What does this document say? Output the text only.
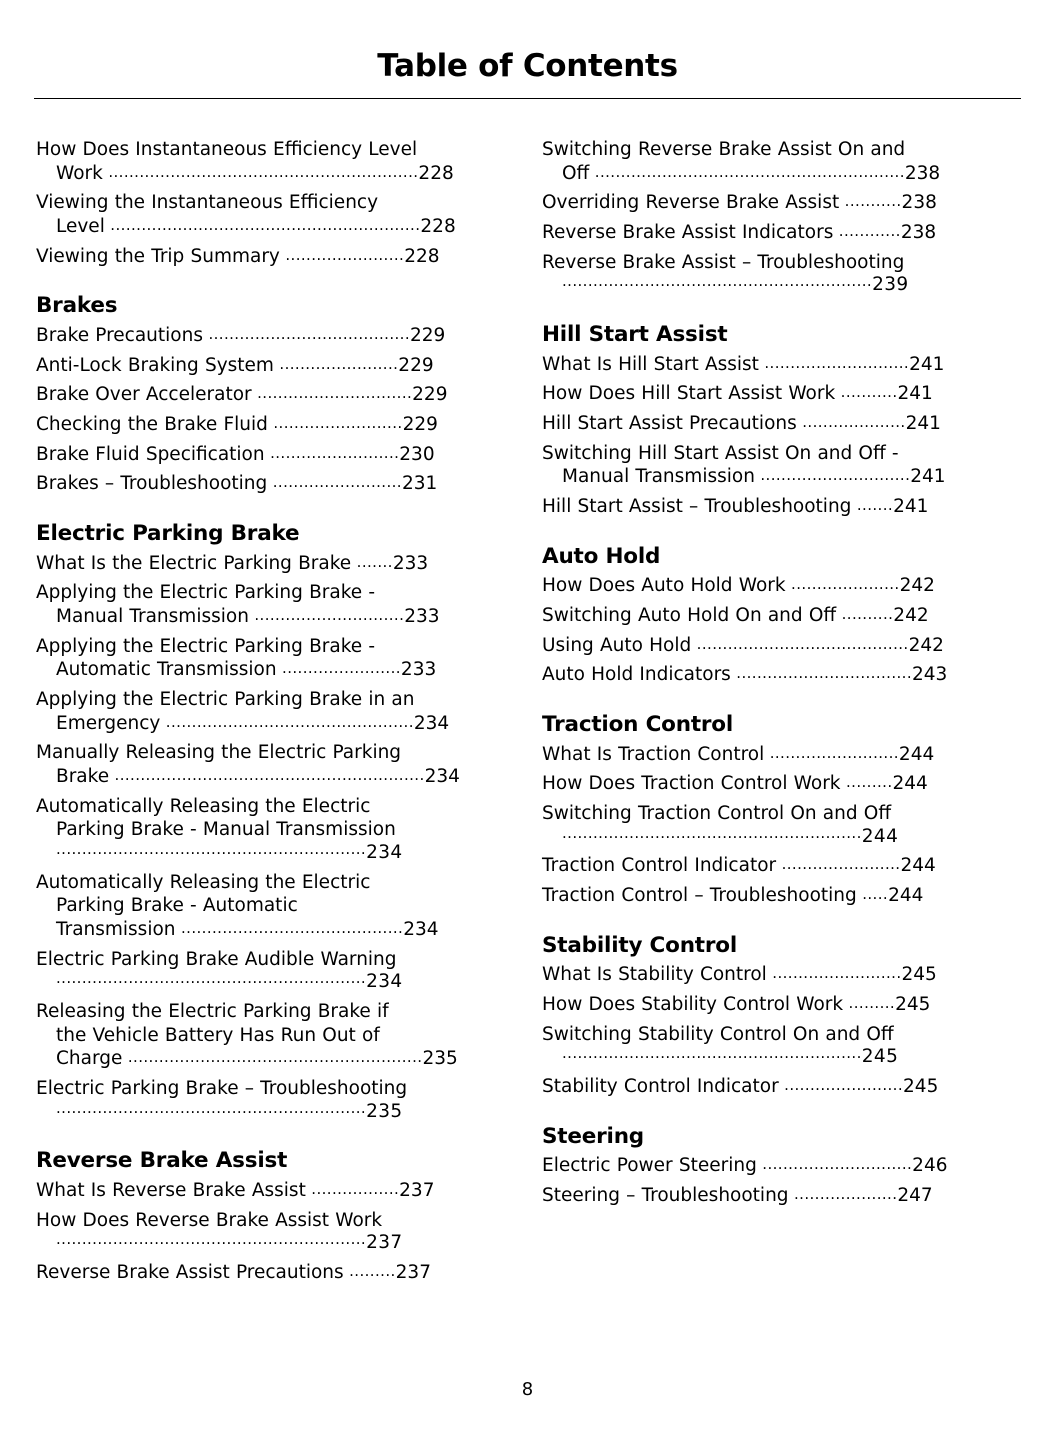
Table of Contents
How Does Instantaneous Efficiency Level
Work ............................................................228
Viewing the Instantaneous Efficiency
Level ............................................................228
Viewing the Trip Summary .......................228
Brakes
Brake Precautions .......................................229
Anti-Lock Braking System .......................229
Brake Over Accelerator ..............................229
Checking the Brake Fluid .........................229
Brake Fluid Specification .........................230
Brakes – Troubleshooting .........................231
Electric Parking Brake
What Is the Electric Parking Brake .......233
Applying the Electric Parking Brake -
Manual Transmission .............................233
Applying the Electric Parking Brake -
Automatic Transmission .......................233
Applying the Electric Parking Brake in an
Emergency ................................................234
Manually Releasing the Electric Parking
Brake ............................................................234
Automatically Releasing the Electric
Parking Brake - Manual Transmission
............................................................234
Automatically Releasing the Electric
Parking Brake - Automatic
Transmission ...........................................234
Electric Parking Brake Audible Warning
............................................................234
Releasing the Electric Parking Brake if
the Vehicle Battery Has Run Out of
Charge .........................................................235
Electric Parking Brake – Troubleshooting
............................................................235
Reverse Brake Assist
What Is Reverse Brake Assist .................237
How Does Reverse Brake Assist Work
............................................................237
Reverse Brake Assist Precautions .........237
Switching Reverse Brake Assist On and
Off ............................................................238
Overriding Reverse Brake Assist ...........238
Reverse Brake Assist Indicators ............238
Reverse Brake Assist – Troubleshooting
............................................................239
Hill Start Assist
What Is Hill Start Assist ............................241
How Does Hill Start Assist Work ...........241
Hill Start Assist Precautions ....................241
Switching Hill Start Assist On and Off -
Manual Transmission .............................241
Hill Start Assist – Troubleshooting .......241
Auto Hold
How Does Auto Hold Work .....................242
Switching Auto Hold On and Off ..........242
Using Auto Hold .........................................242
Auto Hold Indicators ..................................243
Traction Control
What Is Traction Control .........................244
How Does Traction Control Work .........244
Switching Traction Control On and Off
..........................................................244
Traction Control Indicator .......................244
Traction Control – Troubleshooting .....244
Stability Control
What Is Stability Control .........................245
How Does Stability Control Work .........245
Switching Stability Control On and Off
..........................................................245
Stability Control Indicator .......................245
Steering
Electric Power Steering .............................246
Steering – Troubleshooting ....................247
8
